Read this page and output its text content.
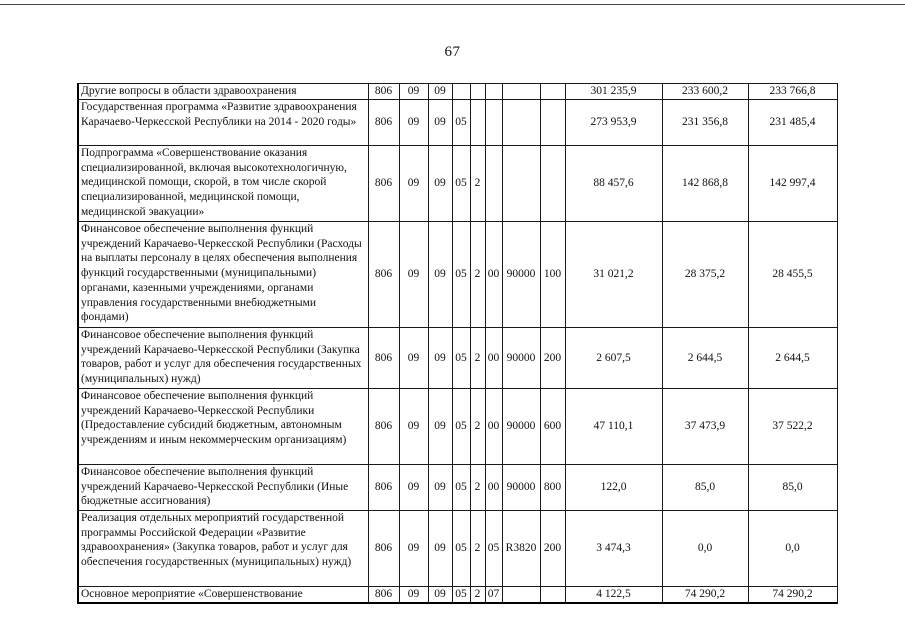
67
Другие вопросы в области здравоохранения	806	09	09						301 235,9	233 600,2	233 766,8
Государственная программа «Развитие здравоохранения Карачаево-Черкесской Республики на 2014 - 2020 годы»	806	09	09	05					273 953,9	231 356,8	231 485,4
Подпрограмма «Совершенствование оказания специализированной, включая высокотехнологичную, медицинской помощи, скорой, в том числе скорой специализированной, медицинской помощи, медицинской эвакуации»	806	09	09	05	2				88 457,6	142 868,8	142 997,4
Финансовое обеспечение выполнения функций учреждений Карачаево-Черкесской Республики (Расходы на выплаты персоналу в целях обеспечения выполнения функций государственными (муниципальными) органами, казенными учреждениями, органами управления государственными внебюджетными фондами)	806	09	09	05	2	00	90000	100	31 021,2	28 375,2	28 455,5
Финансовое обеспечение выполнения функций учреждений Карачаево-Черкесской Республики (Закупка товаров, работ и услуг для обеспечения государственных (муниципальных) нужд)	806	09	09	05	2	00	90000	200	2 607,5	2 644,5	2 644,5
Финансовое обеспечение выполнения функций учреждений Карачаево-Черкесской Республики (Предоставление субсидий бюджетным, автономным учреждениям и иным некоммерческим организациям)	806	09	09	05	2	00	90000	600	47 110,1	37 473,9	37 522,2
Финансовое обеспечение выполнения функций учреждений Карачаево-Черкесской Республики (Иные бюджетные ассигнования)	806	09	09	05	2	00	90000	800	122,0	85,0	85,0
Реализация отдельных мероприятий государственной программы Российской Федерации «Развитие здравоохранения» (Закупка товаров, работ и услуг для обеспечения государственных (муниципальных) нужд)	806	09	09	05	2	05	R3820	200	3 474,3	0,0	0,0
Основное мероприятие «Совершенствование	806	09	09	05	2	07			4 122,5	74 290,2	74 290,2
